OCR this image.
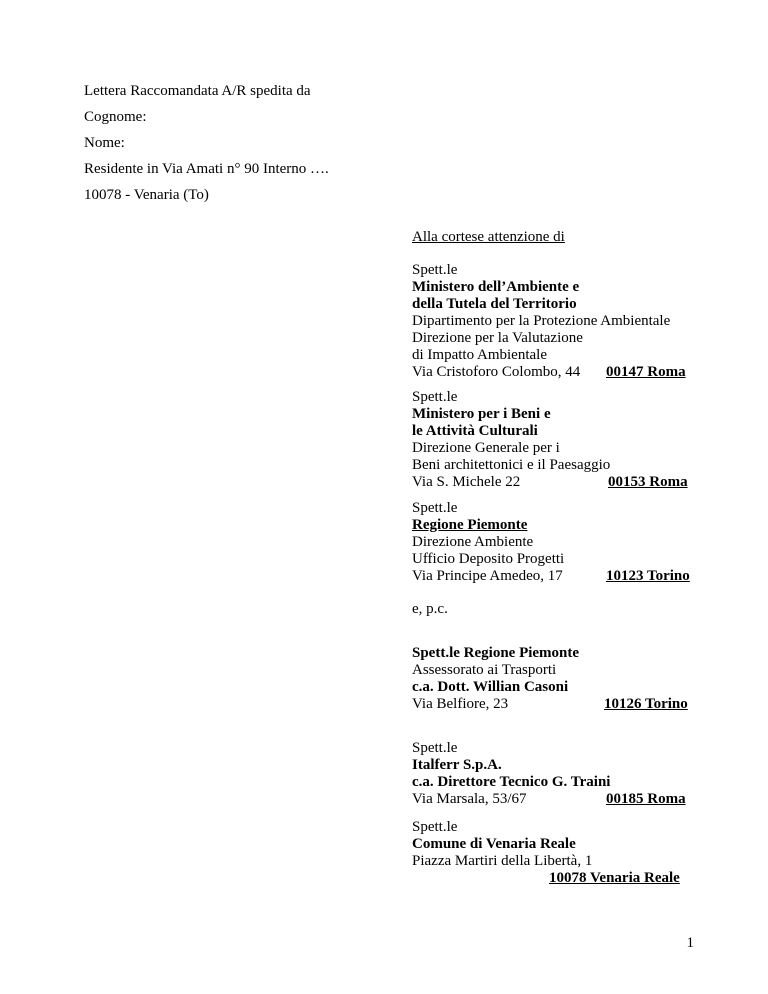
Lettera Raccomandata A/R spedita da
Cognome:
Nome:
Residente in Via Amati n° 90 Interno ….
10078 - Venaria (To)
Alla cortese attenzione di
Spett.le
Ministero dell’Ambiente e
della Tutela del Territorio
Dipartimento per la Protezione Ambientale
Direzione per la Valutazione
di Impatto Ambientale
Via Cristoforo Colombo, 44 00147 Roma
Spett.le
Ministero per i Beni e
le Attività Culturali
Direzione Generale per i
Beni architettonici e il Paesaggio
Via S. Michele 22	00153 Roma
Spett.le
Regione Piemonte
Direzione Ambiente
Ufficio Deposito Progetti
Via Principe Amedeo, 17	10123 Torino
e, p.c.
Spett.le Regione Piemonte
Assessorato ai Trasporti
c.a. Dott. Willian Casoni
Via Belfiore, 23	10126 Torino
Spett.le
Italferr S.p.A.
c.a. Direttore Tecnico G. Traini
Via Marsala, 53/67	00185 Roma
Spett.le
Comune di Venaria Reale
Piazza Martiri della Libertà, 1
10078 Venaria Reale
1
